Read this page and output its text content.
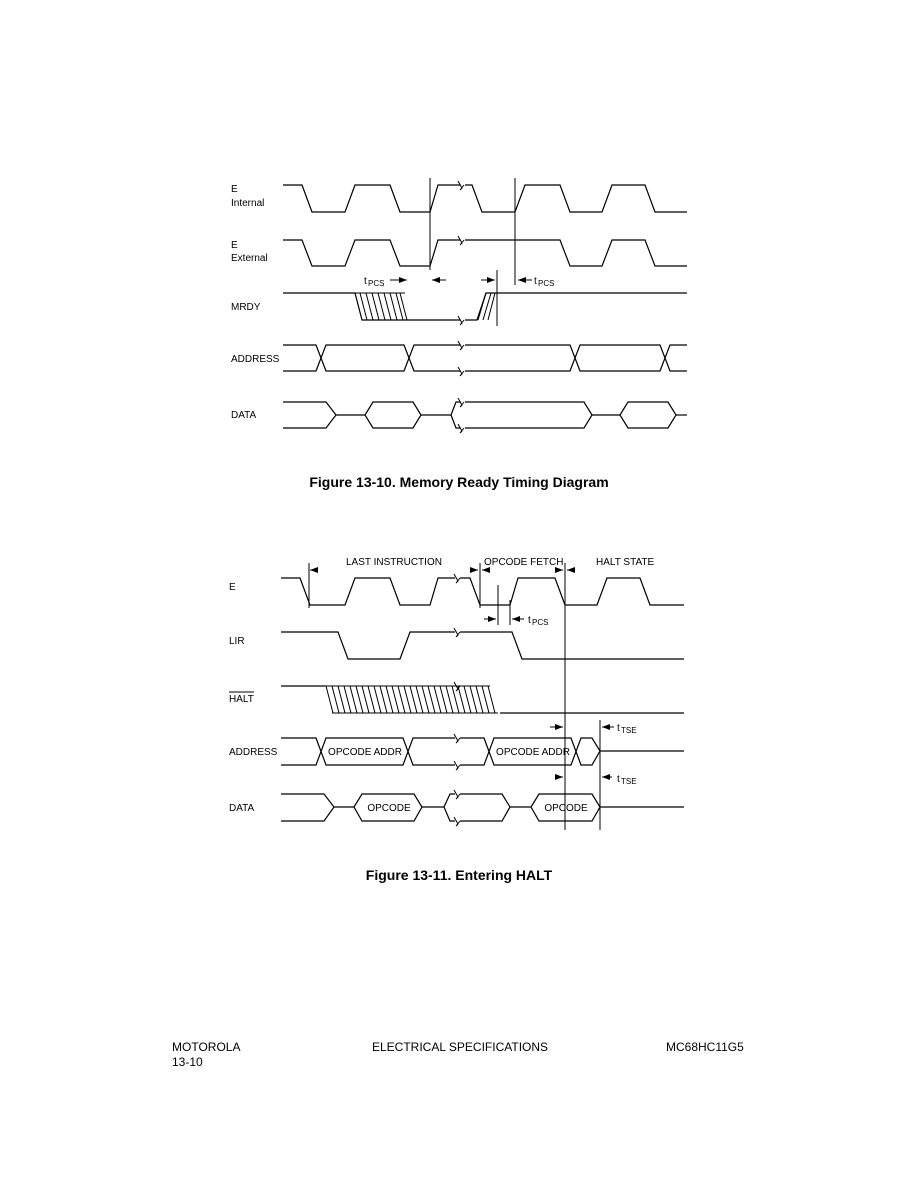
E
Internal
E
External
MRDY
ADDRESS
DATA
t PCS	t PCS
Figure 13-10. Memory Ready Timing Diagram
LAST INSTRUCTION	OPCODE FETCH	HALT STATE
E
LIR
HALT
ADDRESS
DATA
t PCS
t TSE
t TSE
OPCODE ADDR	OPCODE ADDR
OPCODE	OPCODE
Figure 13-11. Entering HALT
MOTOROLA
13-10
ELECTRICAL SPECIFICATIONS	MC68HC11G5
